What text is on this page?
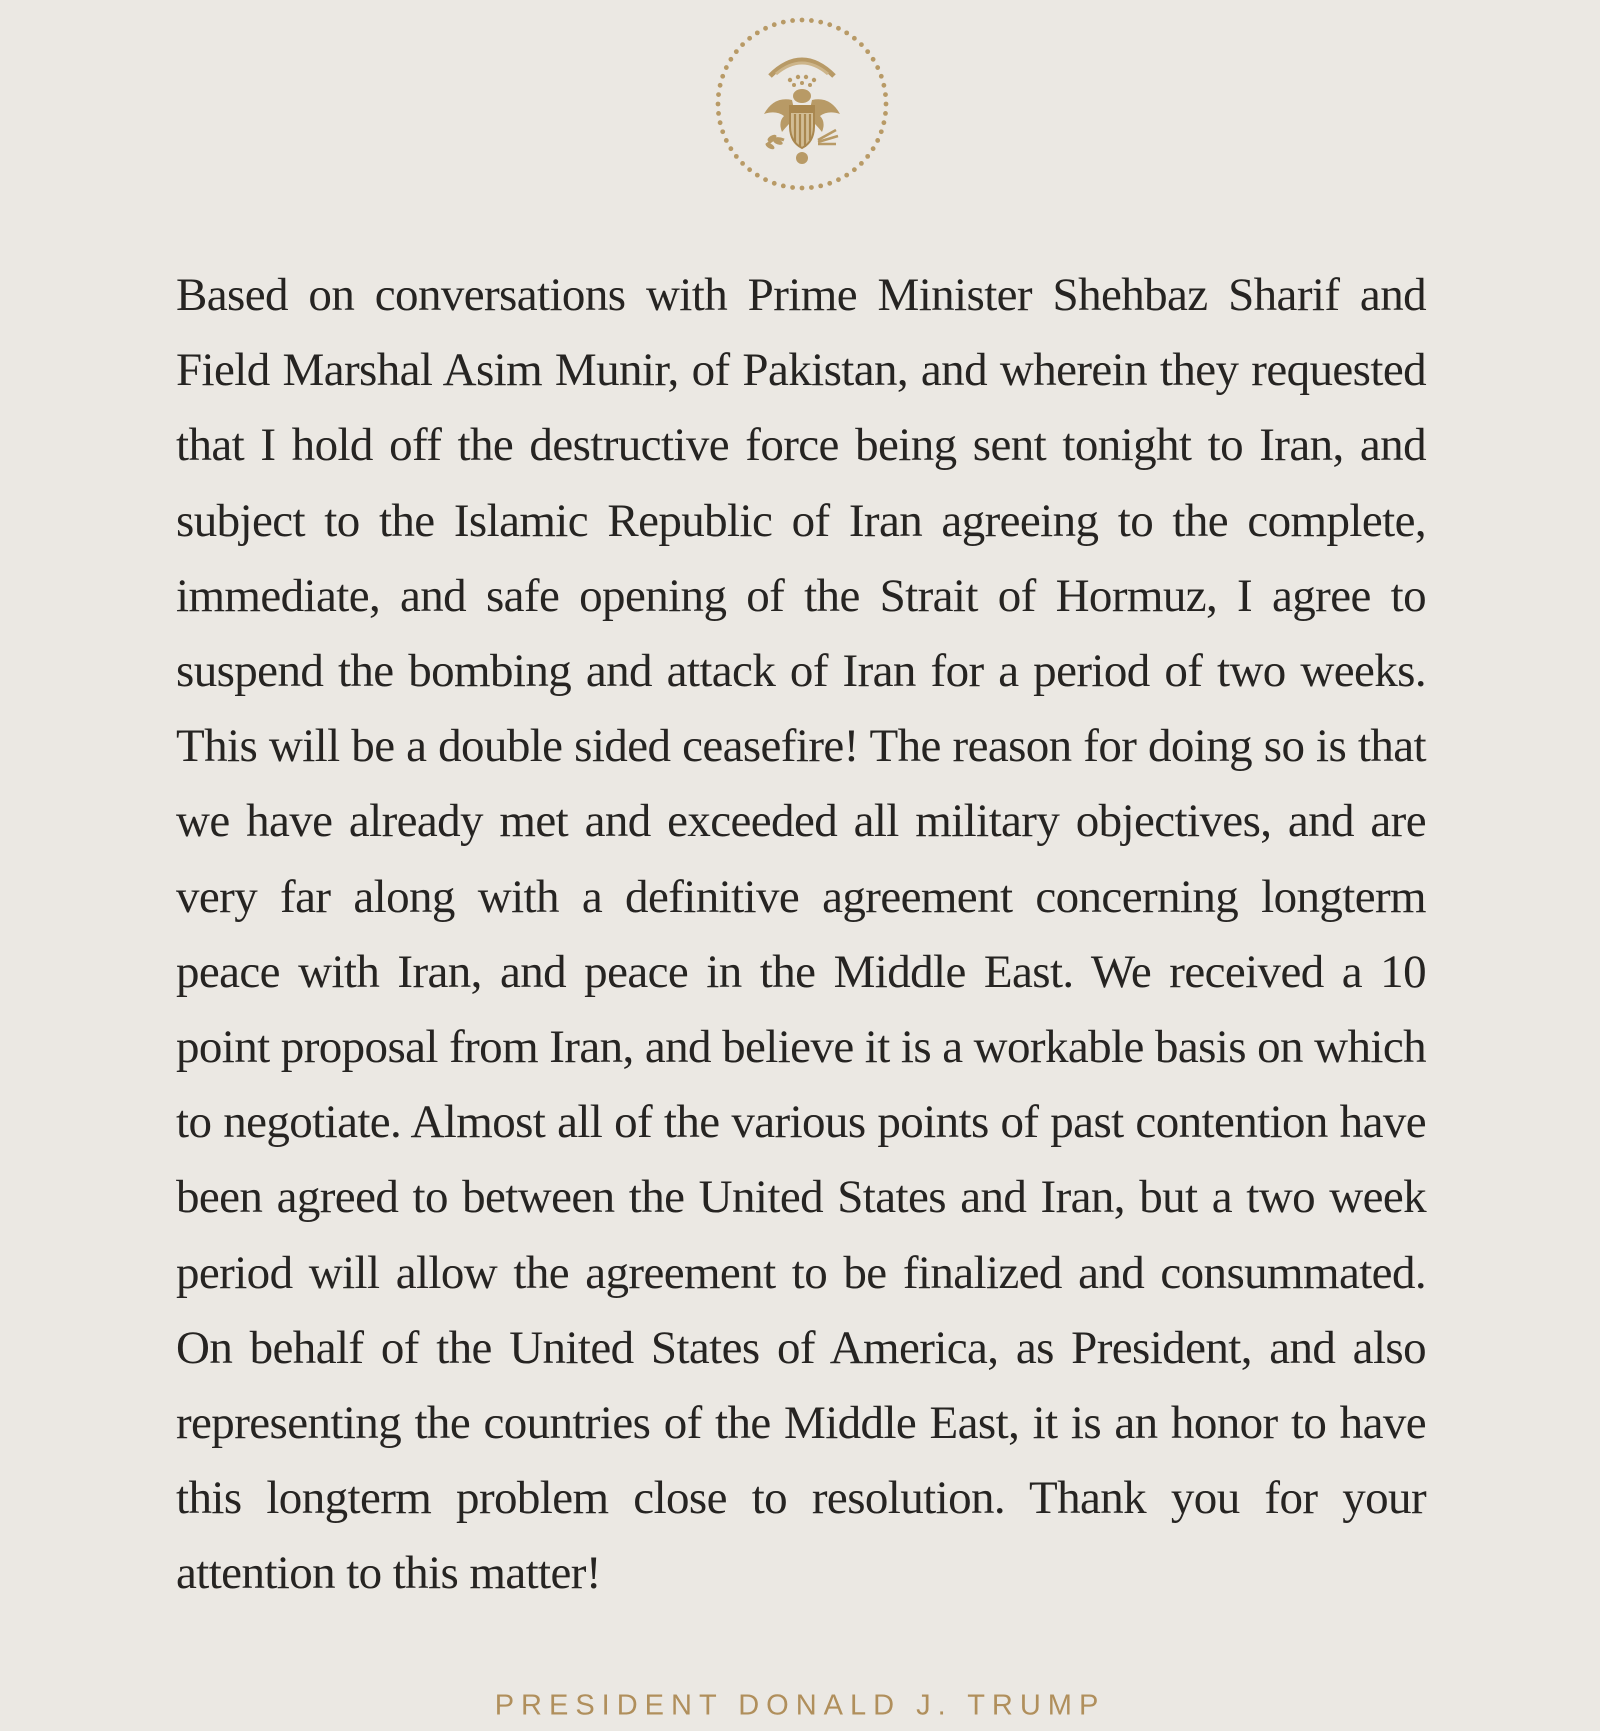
Based on conversations with Prime Minister Shehbaz Sharif and Field Marshal Asim Munir, of Pakistan, and wherein they requested that I hold off the destructive force being sent tonight to Iran, and subject to the Islamic Republic of Iran agreeing to the complete, immediate, and safe opening of the Strait of Hormuz, I agree to suspend the bombing and attack of Iran for a period of two weeks. This will be a double sided ceasefire! The reason for doing so is that we have already met and exceeded all military objectives, and are very far along with a definitive agreement concerning longterm peace with Iran, and peace in the Middle East. We received a 10 point proposal from Iran, and believe it is a workable basis on which to negotiate. Almost all of the various points of past contention have been agreed to between the United States and Iran, but a two week period will allow the agreement to be finalized and consummated. On behalf of the United States of America, as President, and also representing the countries of the Middle East, it is an honor to have this longterm problem close to resolution. Thank you for your attention to this matter!

PRESIDENT DONALD J. TRUMP
